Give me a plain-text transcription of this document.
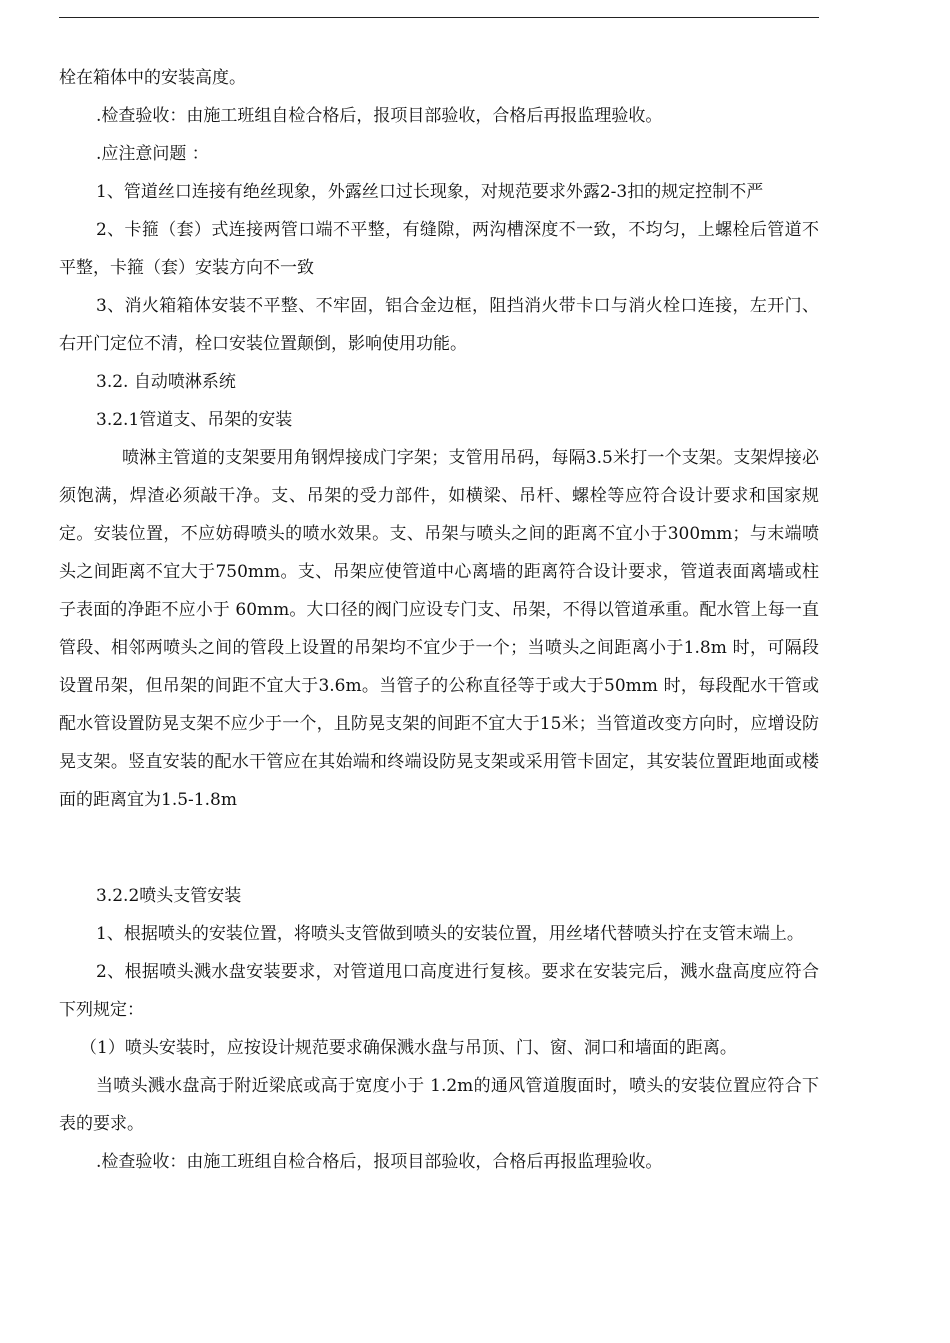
栓在箱体中的安装高度。

.检查验收：由施工班组自检合格后，报项目部验收，合格后再报监理验收。

.应注意问题 ：

1、管道丝口连接有绝丝现象，外露丝口过长现象，对规范要求外露2-3扣的规定控制不严

2、卡箍（套）式连接两管口端不平整，有缝隙，两沟槽深度不一致，不均匀，上螺栓后管道不平整，卡箍（套）安装方向不一致

3、消火箱箱体安装不平整、不牢固，铝合金边框，阻挡消火带卡口与消火栓口连接，左开门、右开门定位不清，栓口安装位置颠倒，影响使用功能。

3.2. 自动喷淋系统

3.2.1管道支、吊架的安装

喷淋主管道的支架要用角钢焊接成门字架；支管用吊码，每隔3.5米打一个支架。支架焊接必须饱满，焊渣必须敲干净。支、吊架的受力部件，如横梁、吊杆、螺栓等应符合设计要求和国家规定。安装位置，不应妨碍喷头的喷水效果。支、吊架与喷头之间的距离不宜小于300mm；与末端喷头之间距离不宜大于750mm。支、吊架应使管道中心离墙的距离符合设计要求，管道表面离墙或柱子表面的净距不应小于 60mm。大口径的阀门应设专门支、吊架，不得以管道承重。配水管上每一直管段、相邻两喷头之间的管段上设置的吊架均不宜少于一个；当喷头之间距离小于1.8m 时，可隔段设置吊架，但吊架的间距不宜大于3.6m。当管子的公称直径等于或大于50mm 时，每段配水干管或配水管设置防晃支架不应少于一个，且防晃支架的间距不宜大于15米；当管道改变方向时，应增设防晃支架。竖直安装的配水干管应在其始端和终端设防晃支架或采用管卡固定，其安装位置距地面或楼面的距离宜为1.5-1.8m

3.2.2喷头支管安装

1、根据喷头的安装位置，将喷头支管做到喷头的安装位置，用丝堵代替喷头拧在支管末端上。

2、根据喷头溅水盘安装要求，对管道甩口高度进行复核。要求在安装完后，溅水盘高度应符合下列规定：

（1）喷头安装时，应按设计规范要求确保溅水盘与吊顶、门、窗、洞口和墙面的距离。

当喷头溅水盘高于附近梁底或高于宽度小于 1.2m的通风管道腹面时，喷头的安装位置应符合下表的要求。

.检查验收：由施工班组自检合格后，报项目部验收，合格后再报监理验收。
